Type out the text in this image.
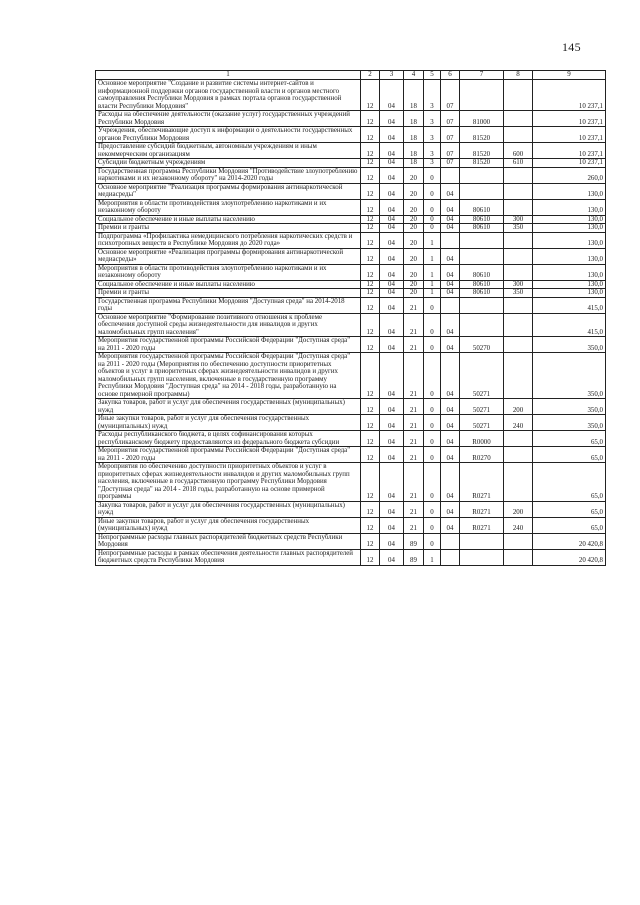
145
1	2	3	4	5	6	7	8	9
Основное мероприятие "Создание и развитие системы интернет-сайтов и информационной поддержки органов государственной власти и органов местного самоуправления Республики Мордовия в рамках портала органов государственной власти Республики Мордовия"	12	04	18	3	07			10 237,1
Расходы на обеспечение деятельности (оказание услуг) государственных учреждений Республики Мордовия	12	04	18	3	07	81000		10 237,1
Учреждения, обеспечивающие доступ к информации о деятельности государственных органов Республики Мордовия	12	04	18	3	07	81520		10 237,1
Предоставление субсидий бюджетным, автономным учреждениям и иным некоммерческим организациям	12	04	18	3	07	81520	600	10 237,1
Субсидии бюджетным учреждениям	12	04	18	3	07	81520	610	10 237,1
Государственная программа Республики Мордовия "Противодействие злоупотреблению наркотиками и их незаконному обороту" на 2014-2020 годы	12	04	20	0				260,0
Основное мероприятие "Реализация программы формирования антинаркотической медиасреды"	12	04	20	0	04			130,0
Мероприятия в области противодействия злоупотреблению наркотиками и их незаконному обороту	12	04	20	0	04	80610		130,0
Социальное обеспечение и иные выплаты населению	12	04	20	0	04	80610	300	130,0
Премии и гранты	12	04	20	0	04	80610	350	130,0
Подпрограмма «Профилактика немедицинского потребления наркотических средств и психотропных веществ в Республике Мордовия до 2020 года»	12	04	20	1				130,0
Основное мероприятие «Реализация программы формирования антинаркотической медиасреды»	12	04	20	1	04			130,0
Мероприятия в области противодействия злоупотреблению наркотиками и их незаконному обороту	12	04	20	1	04	80610		130,0
Социальное обеспечение и иные выплаты населению	12	04	20	1	04	80610	300	130,0
Премии и гранты	12	04	20	1	04	80610	350	130,0
Государственная программа Республики Мордовия "Доступная среда" на 2014-2018 годы	12	04	21	0				415,0
Основное мероприятие "Формирование позитивного отношения к проблеме обеспечения доступной среды жизнедеятельности для инвалидов и других маломобильных групп населения"	12	04	21	0	04			415,0
Мероприятия государственной программы Российской Федерации "Доступная среда" на 2011 - 2020 годы	12	04	21	0	04	50270		350,0
Мероприятия государственной программы Российской Федерации "Доступная среда" на 2011 - 2020 годы (Мероприятия по обеспечению доступности приоритетных объектов и услуг в приоритетных сферах жизнедеятельности инвалидов и других маломобильных групп населения, включенные в государственную программу Республики Мордовия "Доступная среда" на 2014 - 2018 годы, разработанную на основе примерной программы)	12	04	21	0	04	50271		350,0
Закупка товаров, работ и услуг для обеспечения государственных (муниципальных) нужд	12	04	21	0	04	50271	200	350,0
Иные закупки товаров, работ и услуг для обеспечения государственных (муниципальных) нужд	12	04	21	0	04	50271	240	350,0
Расходы республиканского бюджета, в целях софинансирования которых республиканскому бюджету предоставляются из федерального бюджета субсидии	12	04	21	0	04	R0000		65,0
Мероприятия государственной программы Российской Федерации "Доступная среда" на 2011 - 2020 годы	12	04	21	0	04	R0270		65,0
Мероприятия по обеспечению доступности приоритетных объектов и услуг в приоритетных сферах жизнедеятельности инвалидов и других маломобильных групп населения, включенные в государственную программу Республики Мордовия "Доступная среда" на 2014 - 2018 годы, разработанную на основе примерной программы	12	04	21	0	04	R0271		65,0
Закупка товаров, работ и услуг для обеспечения государственных (муниципальных) нужд	12	04	21	0	04	R0271	200	65,0
Иные закупки товаров, работ и услуг для обеспечения государственных (муниципальных) нужд	12	04	21	0	04	R0271	240	65,0
Непрограммные расходы главных распорядителей бюджетных средств Республики Мордовия	12	04	89	0				20 420,8
Непрограммные расходы в рамках обеспечения деятельности главных распорядителей бюджетных средств Республики Мордовия	12	04	89	1				20 420,8
